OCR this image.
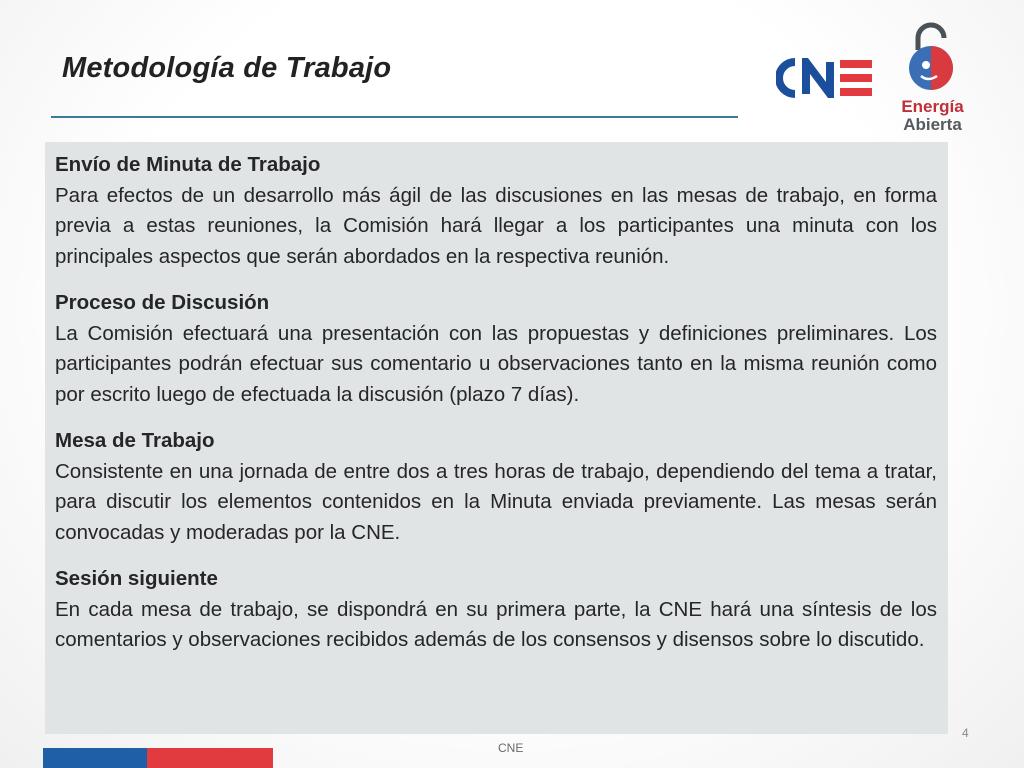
Metodología de Trabajo
Energía
Abierta
Envío de Minuta de Trabajo
Para efectos de un desarrollo más ágil de las discusiones en las mesas de trabajo, en forma previa a estas reuniones, la Comisión hará llegar a los participantes una minuta con los principales aspectos que serán abordados en la respectiva reunión.
Proceso de Discusión
La Comisión efectuará una presentación con las propuestas y definiciones preliminares. Los participantes podrán efectuar sus comentario u observaciones tanto en la misma reunión como por escrito luego de efectuada la discusión (plazo 7 días).
Mesa de Trabajo
Consistente en una jornada de entre dos a tres horas de trabajo, dependiendo del tema a tratar, para discutir los elementos contenidos en la Minuta enviada previamente. Las mesas serán convocadas y moderadas por la CNE.
Sesión siguiente
En cada mesa de trabajo, se dispondrá en su primera parte, la CNE hará una síntesis de los comentarios y observaciones recibidos además de los consensos y disensos sobre lo discutido.
4
CNE
